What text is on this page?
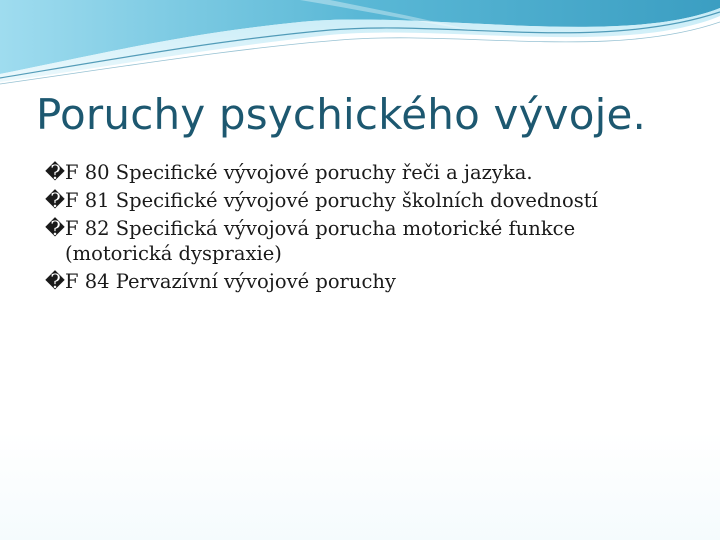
Poruchy psychického vývoje.
� F 80 Specifické vývojové poruchy řeči a jazyka.
� F 81 Specifické vývojové poruchy školních dovedností
� F 82 Specifická vývojová porucha motorické funkce
(motorická dyspraxie)
� F 84 Pervazívní vývojové poruchy
